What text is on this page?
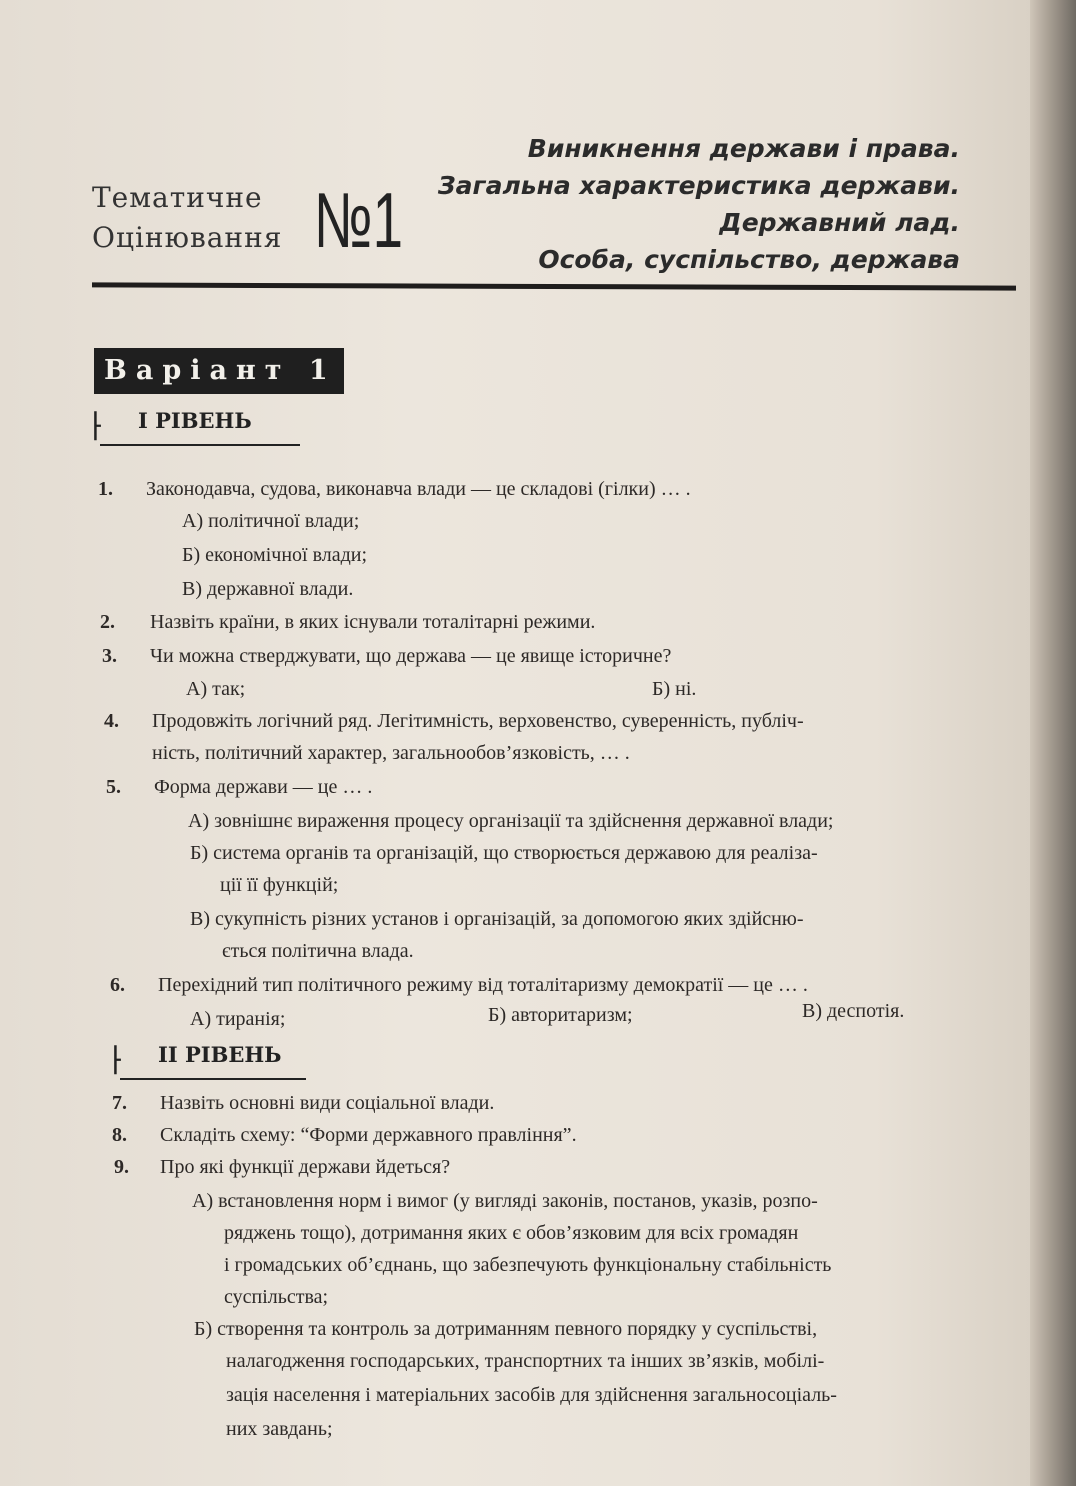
Тематичне
Оцінювання №1
Виникнення держави і права.
Загальна характеристика держави.
Державний лад.
Особа, суспільство, держава
Варіант 1
⸠ І РІВЕНЬ
1. Законодавча, судова, виконавча влади — це складові (гілки) … .
А) політичної влади;
Б) економічної влади;
В) державної влади.
2. Назвіть країни, в яких існували тоталітарні режими.
3. Чи можна стверджувати, що держава — це явище історичне?
А) так;	Б) ні.
4. Продовжіть логічний ряд. Легітимність, верховенство, суверенність, публіч-
ність, політичний характер, загальнообов’язковість, … .
5. Форма держави — це … .
А) зовнішнє вираження процесу організації та здійснення державної влади;
Б) система органів та організацій, що створюється державою для реаліза-
ції її функцій;
В) сукупність різних установ і організацій, за допомогою яких здійсню-
ється політична влада.
6. Перехідний тип політичного режиму від тоталітаризму демократії — це … .
А) тиранія;	Б) авторитаризм;	В) деспотія.
⸠ ІІ РІВЕНЬ
7. Назвіть основні види соціальної влади.
8. Складіть схему: “Форми державного правління”.
9. Про які функції держави йдеться?
А) встановлення норм і вимог (у вигляді законів, постанов, указів, розпо-
ряджень тощо), дотримання яких є обов’язковим для всіх громадян
і громадських об’єднань, що забезпечують функціональну стабільність
суспільства;
Б) створення та контроль за дотриманням певного порядку у суспільстві,
налагодження господарських, транспортних та інших зв’язків, мобілі-
зація населення і матеріальних засобів для здійснення загальносоціаль-
них завдань;
